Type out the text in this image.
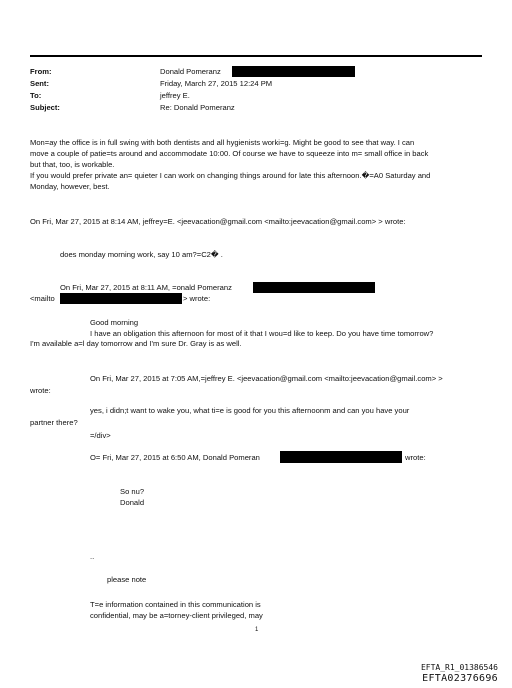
From:
Sent:
To:
Subject:
Donald Pomeranz
Friday, March 27, 2015 12:24 PM
jeffrey E.
Re: Donald Pomeranz
Mon=ay the office is in full swing with both dentists and all hygienists worki=g. Might be good to see that way. I can
move a couple of patie=ts around and accommodate 10:00. Of course we have to squeeze into m= small office in back
but that, too, is workable.
If you would prefer private an= quieter I can work on changing things around for late this afternoon.�=A0 Saturday and
Monday, however, best.
On Fri, Mar 27, 2015 at 8:14 AM, jeffrey=E. <jeevacation@gmail.com <mailto:jeevacation@gmail.com> > wrote:
does monday morning work, say 10 am?=C2� .
On Fri, Mar 27, 2015 at 8:11 AM, =onald Pomeranz
<mailto	> wrote:
Good morning
I have an obligation this afternoon for most of it that I wou=d like to keep. Do you have time tomorrow?
I'm available a=l day tomorrow and I'm sure Dr. Gray is as well.
On Fri, Mar 27, 2015 at 7:05 AM,=jeffrey E. <jeevacation@gmail.com <mailto:jeevacation@gmail.com> >
wrote:
yes, i didn;t want to wake you, what ti=e is good for you this afternoonm and can you have your
partner there?
=/div>
O= Fri, Mar 27, 2015 at 6:50 AM, Donald Pomeran	wrote:
So nu?
Donald
..
please note
T=e information contained in this communication is
confidential, may be a=torney-client privileged, may
1
EFTA_R1_01386546
EFTA02376696
